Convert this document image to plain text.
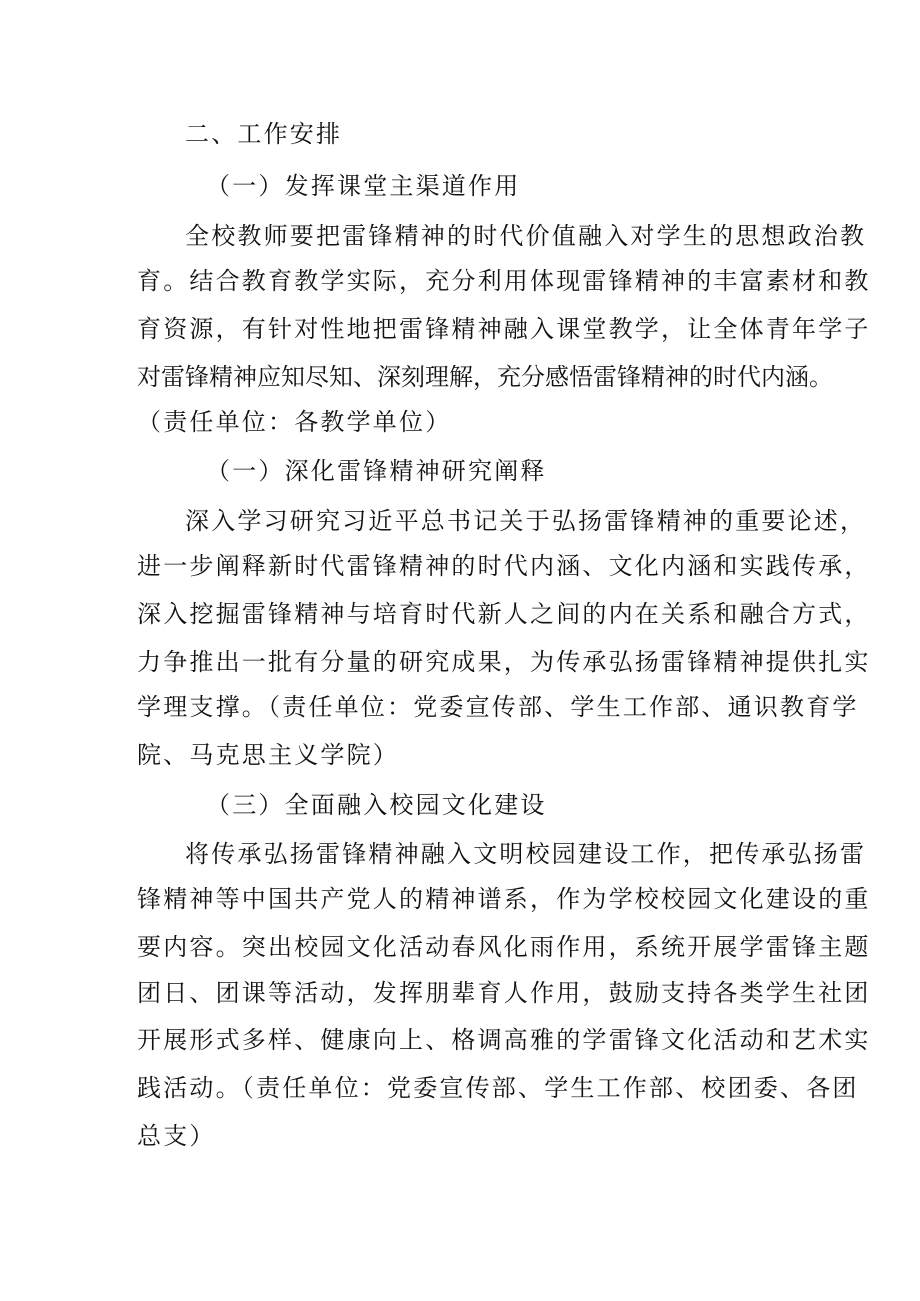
二、工作安排
（一）发挥课堂主渠道作用
全校教师要把雷锋精神的时代价值融入对学生的思想政治教
育。结合教育教学实际，充分利用体现雷锋精神的丰富素材和教
育资源，有针对性地把雷锋精神融入课堂教学，让全体青年学子
对雷锋精神应知尽知、深刻理解，充分感悟雷锋精神的时代内涵。
（责任单位：各教学单位）
（一）深化雷锋精神研究阐释
深入学习研究习近平总书记关于弘扬雷锋精神的重要论述，
进一步阐释新时代雷锋精神的时代内涵、文化内涵和实践传承，
深入挖掘雷锋精神与培育时代新人之间的内在关系和融合方式，
力争推出一批有分量的研究成果，为传承弘扬雷锋精神提供扎实
学理支撑。（责任单位：党委宣传部、学生工作部、通识教育学
院、马克思主义学院）
（三）全面融入校园文化建设
将传承弘扬雷锋精神融入文明校园建设工作，把传承弘扬雷
锋精神等中国共产党人的精神谱系，作为学校校园文化建设的重
要内容。突出校园文化活动春风化雨作用，系统开展学雷锋主题
团日、团课等活动，发挥朋辈育人作用，鼓励支持各类学生社团
开展形式多样、健康向上、格调高雅的学雷锋文化活动和艺术实
践活动。（责任单位：党委宣传部、学生工作部、校团委、各团
总支）
